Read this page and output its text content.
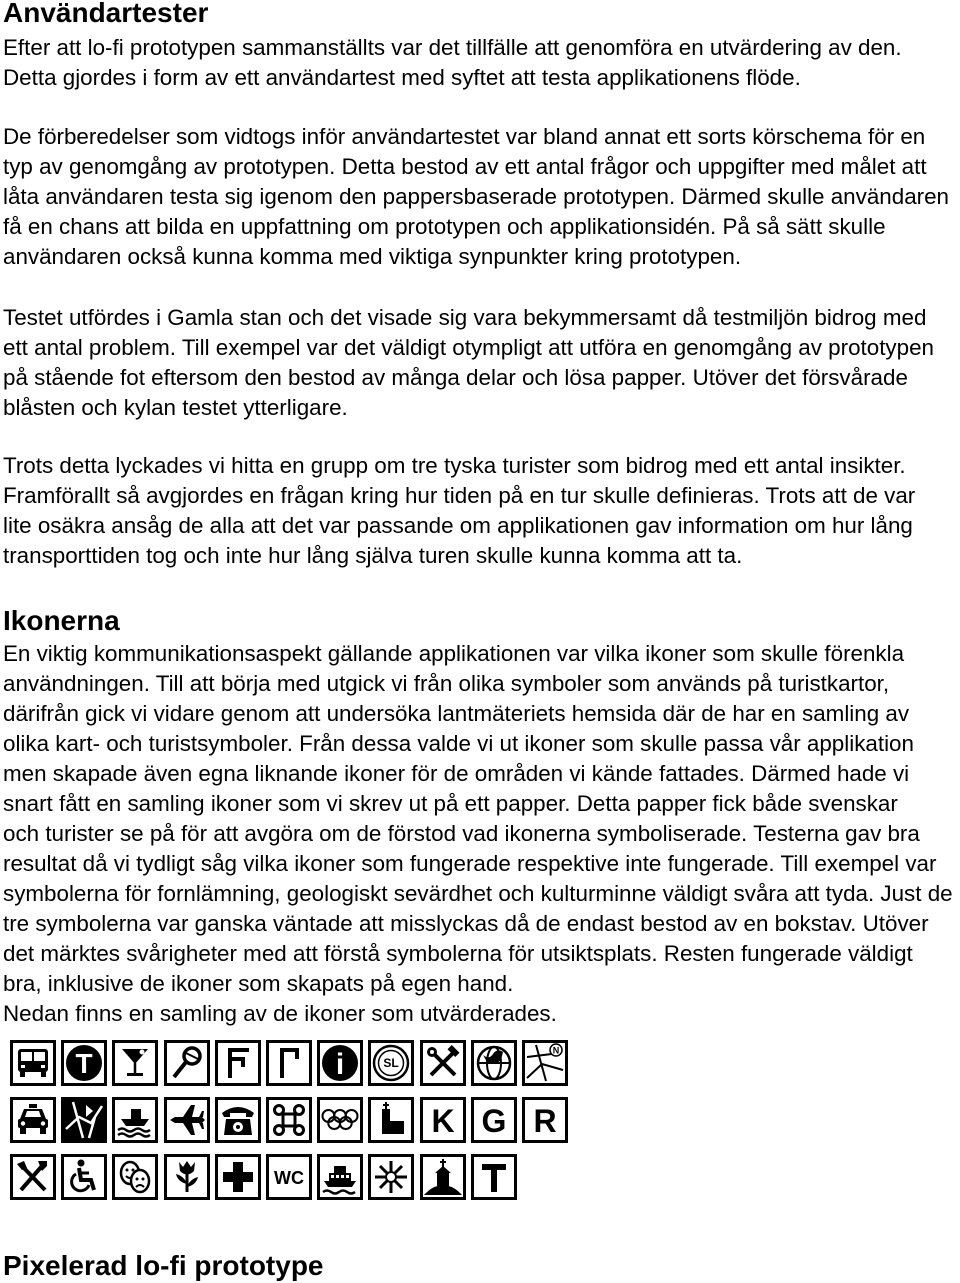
Användartester
Efter att lo-fi prototypen sammanställts var det tillfälle att genomföra en utvärdering av den.
Detta gjordes i form av ett användartest med syftet att testa applikationens flöde.
De förberedelser som vidtogs inför användartestet var bland annat ett sorts körschema för en
typ av genomgång av prototypen. Detta bestod av ett antal frågor och uppgifter med målet att
låta användaren testa sig igenom den pappersbaserade prototypen. Därmed skulle användaren
få en chans att bilda en uppfattning om prototypen och applikationsidén. På så sätt skulle
användaren också kunna komma med viktiga synpunkter kring prototypen.
Testet utfördes i Gamla stan och det visade sig vara bekymmersamt då testmiljön bidrog med
ett antal problem. Till exempel var det väldigt otympligt att utföra en genomgång av prototypen
på stående fot eftersom den bestod av många delar och lösa papper. Utöver det försvårade
blåsten och kylan testet ytterligare.
Trots detta lyckades vi hitta en grupp om tre tyska turister som bidrog med ett antal insikter.
Framförallt så avgjordes en frågan kring hur tiden på en tur skulle definieras. Trots att de var
lite osäkra ansåg de alla att det var passande om applikationen gav information om hur lång
transporttiden tog och inte hur lång själva turen skulle kunna komma att ta.
Ikonerna
En viktig kommunikationsaspekt gällande applikationen var vilka ikoner som skulle förenkla
användningen. Till att börja med utgick vi från olika symboler som används på turistkartor,
därifrån gick vi vidare genom att undersöka lantmäteriets hemsida där de har en samling av
olika kart- och turistsymboler. Från dessa valde vi ut ikoner som skulle passa vår applikation
men skapade även egna liknande ikoner för de områden vi kände fattades. Därmed hade vi
snart fått en samling ikoner som vi skrev ut på ett papper. Detta papper fick både svenskar
och turister se på för att avgöra om de förstod vad ikonerna symboliserade. Testerna gav bra
resultat då vi tydligt såg vilka ikoner som fungerade respektive inte fungerade. Till exempel var
symbolerna för fornlämning, geologiskt sevärdhet och kulturminne väldigt svåra att tyda. Just de
tre symbolerna var ganska väntade att misslyckas då de endast bestod av en bokstav. Utöver
det märktes svårigheter med att förstå symbolerna för utsiktsplats. Resten fungerade väldigt
bra, inklusive de ikoner som skapats på egen hand.
Nedan finns en samling av de ikoner som utvärderades.
T	i	SL
N
K G R
WC
Pixelerad lo-fi prototype
